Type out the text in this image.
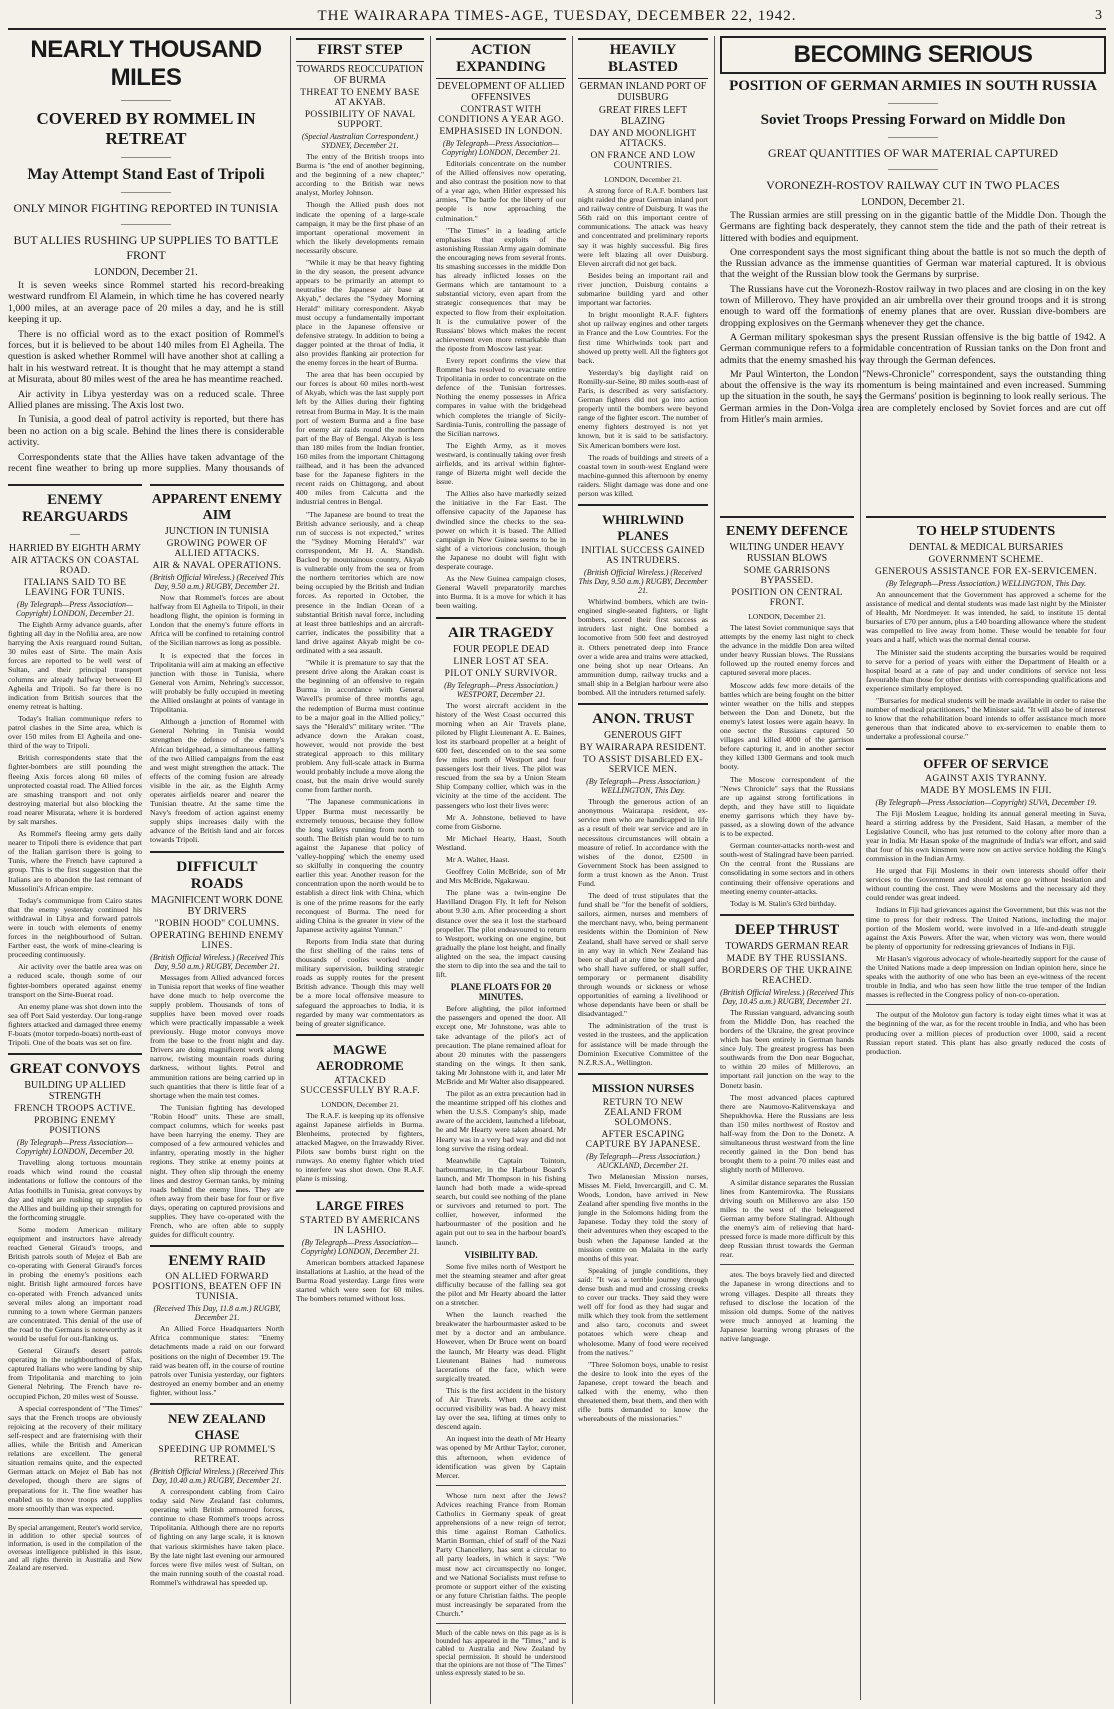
THE WAIRARAPA TIMES-AGE, TUESDAY, DECEMBER 22, 1942.	3
NEARLY THOUSAND MILES
—————
COVERED BY ROMMEL IN RETREAT
—————
May Attempt Stand East of Tripoli
—————
ONLY MINOR FIGHTING REPORTED IN TUNISIA
—————
BUT ALLIES RUSHING UP SUPPLIES TO BATTLE FRONT
LONDON, December 21.

It is seven weeks since Rommel started his record-breaking westward rundfrom El Alamein, in which time he has covered nearly 1,000 miles, at an average pace of 20 miles a day, and he is still keeping it up.

There is no official word as to the exact position of Rommel's forces, but it is believed to be about 140 miles from El Agheila. The question is asked whether Rommel will have another shot at calling a halt in his westward retreat. It is thought that he may attempt a stand at Misurata, about 80 miles west of the area he has meantime reached.

Air activity in Libya yesterday was on a reduced scale. Three Allied planes are missing. The Axis lost two.

In Tunisia, a good deal of patrol activity is reported, but there has been no action on a big scale. Behind the lines there is considerable activity.

Correspondents state that the Allies have taken advantage of the recent fine weather to bring up more supplies. Many thousands of

ENEMY REARGUARDS
—
HARRIED BY EIGHTH ARMY
AIR ATTACKS ON COASTAL ROAD.
ITALIANS SAID TO BE LEAVING FOR TUNIS.
(By Telegraph—Press Association—Copyright) LONDON, December 21.

The Eighth Army advance guards, after fighting all day in the Nofilia area, are now harrying the Axis rearguard round Sultan, 30 miles east of Sirte. The main Axis forces are reported to be well west of Sultan, and their principal transport columns are already halfway between El Agheila and Tripoli. So far there is no indication from British sources that the enemy retreat is halting.

Today's Italian communique refers to patrol clashes in the Sirte area, which is over 150 miles from El Agheila and one-third of the way to Tripoli.

British correspondents state that the fighter-bombers are still pounding the fleeing Axis forces along 60 miles of unprotected coastal road. The Allied forces are smashing transport and not only destroying material but also blocking the road nearer Misurata, where it is bordered by salt marshes.

As Rommel's fleeing army gets daily nearer to Tripoli there is evidence that part of the Italian garrison there is going to Tunis, where the French have captured a group. This is the first suggestion that the Italians are to abandon the last remnant of Mussolini's African empire.

Today's communique from Cairo states that the enemy yesterday continued his withdrawal in Libya and forward patrols were in touch with elements of enemy forces in the neighbourhood of Sultan. Farther east, the work of mine-clearing is proceeding continuously.

Air activity over the battle area was on a reduced scale, though some of our fighter-bombers operated against enemy transport on the Sirte-Buerat road.

An enemy plane was shot down into the sea off Port Said yesterday. Our long-range fighters attacked and damaged three enemy F-boats (motor torpedo-boats) north-east of Tripoli. One of the boats was set on fire.

GREAT CONVOYS
BUILDING UP ALLIED STRENGTH
FRENCH TROOPS ACTIVE.
PROBING ENEMY POSITIONS
(By Telegraph—Press Association—Copyright) LONDON, December 20.

Travelling along tortuous mountain roads which wind round the coastal indentations or follow the contours of the Atlas foothills in Tunisia, great convoys by day and night are rushing up supplies to the Allies and building up their strength for the forthcoming struggle.

Some modern American military equipment and instructors have already reached General Giraud's troops, and British patrols south of Mejez el Bab are co-operating with General Giraud's forces in probing the enemy's positions each night. British light armoured forces have co-operated with French advanced units several miles along an important road running to a town where German panzers are concentrated. This denial of the use of the road to the Germans is noteworthy as it would be useful for out-flanking us.

General Giraud's desert patrols operating in the neighbourhood of Sfax, captured Italians who were landing by ship from Tripolitania and marching to join General Nehring. The French have re-occupied Pichon, 20 miles west of Sousse.

A special correspondent of "The Times" says that the French troops are obviously rejoicing at the recovery of their military self-respect and are fraternising with their allies, while the British and American relations are excellent. The general situation remains quite, and the expected German attack on Mejez el Bab has not developed, though there are signs of preparations for it. The fine weather has enabled us to move troops and supplies more smoothly than was expected.

By special arrangement, Reuter's world service, in addition to other special sources of information, is used in the compilation of the overseas intelligence published in this issue, and all rights therein in Australia and New Zealand are reserved.
APPARENT ENEMY AIM
JUNCTION IN TUNISIA
GROWING POWER OF ALLIED ATTACKS.
AIR & NAVAL OPERATIONS.
(British Official Wireless.) (Received This Day, 9.50 a.m.) RUGBY, December 21.

Now that Rommel's forces are about halfway from El Agheila to Tripoli, in their headlong flight, the opinion is forming in London that the enemy's future efforts in Africa will be confined to retaining control of the Sicilian narrows as long as possible.

It is expected that the forces in Tripolitania will aim at making an effective junction with those in Tunisia, where General von Arnim, Nehring's successor, will probably be fully occupied in meeting the Allied onslaught at points of vantage in Tripolitania.

Although a junction of Rommel with General Nehring in Tunisia would strengthen the defence of the enemy's African bridgehead, a simultaneous falling of the two Allied campaigns from the east and west might strengthen the attack. The effects of the coming fusion are already visible in the air, as the Eighth Army operates airfields nearer and nearer the Tunisian theatre. At the same time the Navy's freedom of action against enemy supply ships increases daily with the advance of the British land and air forces towards Tripoli.

DIFFICULT ROADS
MAGNIFICENT WORK DONE BY DRIVERS
"ROBIN HOOD" COLUMNS.
OPERATING BEHIND ENEMY LINES.
(British Official Wireless.) (Received This Day, 9.50 a.m.) RUGBY, December 21.

Messages from Allied advanced forces in Tunisia report that weeks of fine weather have done much to help overcome the supply problem. Thousands of tons of supplies have been moved over roads which were practically impassable a week previously. Huge motor convoys move from the base to the front night and day. Drivers are doing magnificent work along narrow, twisting mountain roads during darkness, without lights. Petrol and ammunition rations are being carried up in such quantities that there is little fear of a shortage when the main test comes.

The Tunisian fighting has developed "Robin Hood" units. These are small, compact columns, which for weeks past have been harrying the enemy. They are composed of a few armoured vehicles and infantry, operating mostly in the higher regions. They strike at enemy points at night. They often slip through the enemy lines and destroy German tanks, by mining roads behind the enemy lines. They are often away from their base for four or five days, operating on captured provisions and supplies. They have co-operated with the French, who are often able to supply guides for difficult country.

ENEMY RAID
ON ALLIED FORWARD POSITIONS, BEATEN OFF IN TUNISIA.
(Received This Day, 11.8 a.m.) RUGBY, December 21.

An Allied Force Headquarters North Africa communique states: "Enemy detachments made a raid on our forward positions on the night of December 19. The raid was beaten off, in the course of routine patrols over Tunisia yesterday, our fighters destroyed an enemy bomber and an enemy fighter, without loss."

NEW ZEALAND CHASE
SPEEDING UP ROMMEL'S RETREAT.
(British Official Wireless.) (Received This Day, 10.40 a.m.) RUGBY, December 21.

A correspondent cabling from Cairo today said New Zealand fast columns, operating with British armoured forces, continue to chase Rommel's troops across Tripolitania. Although there are no reports of fighting on any large scale, it is known that various skirmishes have taken place. By the late night last evening our armoured forces were five miles west of Sultan, on the main running south of the coastal road. Rommel's withdrawal has speeded up.

FIRST STEP
TOWARDS REOCCUPATION OF BURMA
THREAT TO ENEMY BASE AT AKYAB.
POSSIBILITY OF NAVAL SUPPORT.
(Special Australian Correspondent.) SYDNEY, December 21.

The entry of the British troops into Burma is "the end of another beginning, and the beginning of a new chapter," according to the British war news analyst, Morley Johnson.

Though the Allied push does not indicate the opening of a large-scale campaign, it may be the first phase of an important operational movement in which the likely developments remain necessarily obscure.

"While it may be that heavy fighting in the dry season, the present advance appears to be primarily an attempt to neutralise the Japanese air base at Akyab," declares the "Sydney Morning Herald" military correspondent. Akyab must occupy a fundamentally important place in the Japanese offensive or defensive strategy. In addition to being a dagger pointed at the throat of India, it also provides flanking air protection for the enemy forces in the heart of Burma.

The area that has been occupied by our forces is about 60 miles north-west of Akyab, which was the last supply port left by the Allies during their fighting retreat from Burma in May. It is the main port of western Burma and a fine base for enemy air raids round the northern part of the Bay of Bengal. Akyab is less than 180 miles from the Indian frontier, 160 miles from the important Chittagong railhead, and it has been the advanced base for the Japanese fighters in the recent raids on Chittagong, and about 400 miles from Calcutta and the industrial centres in Bengal.

"The Japanese are bound to treat the British advance seriously, and a cheap run of success is not expected," writes the "Sydney Morning Herald's" war correspondent, Mr H. A. Standish. Backed by mountainous country, Akyab is vulnerable only from the sea or from the northern territories which are now being occupied by the British and Indian forces. As reported in October, the presence in the Indian Ocean of a substantial British naval force, including at least three battleships and an aircraft-carrier, indicates the possibility that a land drive against Akyab might be co-ordinated with a sea assault.

"While it is premature to say that the present drive along the Arakan coast is the beginning of an offensive to regain Burma in accordance with General Wavell's promise of three months ago, the redemption of Burma must continue to be a major goal in the Allied policy," says the "Herald's" military writer. "The advance down the Arakan coast, however, would not provide the best strategical approach to this military problem. Any full-scale attack in Burma would probably include a move along the coast, but the main drive would surely come from farther north.

"The Japanese communications in Upper Burma must necessarily be extremely tenuous, because they follow the long valleys running from north to south. The British plan would be to turn against the Japanese that policy of 'valley-hopping' which the enemy used so skilfully in conquering the country earlier this year. Another reason for the concentration upon the north would be to establish a direct link with China, which is one of the prime reasons for the early reconquest of Burma. The need for aiding China is the greater in view of the Japanese activity against Yunnan."

Reports from India state that during the first shelling of the rains tens of thousands of coolies worked under military supervision, building strategic roads as supply routes for the present British advance. Though this may well be a more local offensive measure to safeguard the approaches to India, it is regarded by many war commentators as being of greater significance.

MAGWE AERODROME
ATTACKED SUCCESSFULLY BY R.A.F.
LONDON, December 21.

The R.A.F. is keeping up its offensive against Japanese airfields in Burma. Blenheims, protected by fighters, attacked Magwe, on the Irrawaddy River. Pilots saw bombs burst right on the runways. An enemy fighter which tried to interfere was shot down. One R.A.F. plane is missing.

LARGE FIRES
STARTED BY AMERICANS IN LASHIO.
(By Telegraph—Press Association—Copyright) LONDON, December 21.

American bombers attacked Japanese installations at Lashio, at the head of the Burma Road yesterday. Large fires were started which were seen for 60 miles. The bombers returned without loss.

ACTION EXPANDING
DEVELOPMENT OF ALLIED OFFENSIVES
CONTRAST WITH CONDITIONS A YEAR AGO.
EMPHASISED IN LONDON.
(By Telegraph—Press Association—Copyright) LONDON, December 21.

Editorials concentrate on the number of the Allied offensives now operating, and also contrast the position now to that of a year ago, when Hitler expressed his armies, "The battle for the liberty of our people is now approaching the culmination."

"The Times" in a leading article emphasises that exploits of the astonishing Russian Army again dominate the encouraging news from several fronts. Its smashing successes in the middle Don has already inflicted losses on the Germans which are tantamount to a substantial victory, even apart from the strategic consequences that may be expected to flow from their exploitation. It is the cumulative power of the Russians' blows which makes the recent achievement even more remarkable than the riposte from Moscow last year.

Every report confirms the view that Rommel has resolved to evacuate entire Tripolitania in order to concentrate on the defence of the Tunisian fortresses. Nothing the enemy possesses in Africa compares in value with the bridgehead which completes the triangle of Sicily-Sardinia-Tunis, controlling the passage of the Sicilian narrows.

The Eighth Army, as it moves westward, is continually taking over fresh airfields, and its arrival within fighter-range of Bizerta might well decide the issue.

The Allies also have markedly seized the initiative in the Far East. The offensive capacity of the Japanese has dwindled since the checks to the sea-power on which it is based. The Allied campaign in New Guinea seems to be in sight of a victorious conclusion, though the Japanese no doubt will fight with desperate courage.

As the New Guinea campaign closes, General Wavell preparatorily marches into Burma. It is a move for which it has been waiting.

AIR TRAGEDY
FOUR PEOPLE DEAD
LINER LOST AT SEA.
PILOT ONLY SURVIVOR.
(By Telegraph—Press Association.) WESTPORT, December 21.

The worst aircraft accident in the history of the West Coast occurred this morning when an Air Travels plane, piloted by Flight Lieutenant A. E. Baines, lost its starboard propeller at a height of 600 feet, descended on to the sea some few miles north of Westport and four passengers lost their lives. The pilot was rescued from the sea by a Union Steam Ship Company collier, which was in the vicinity at the time of the accident. The passengers who lost their lives were:

Mr A. Johnstone, believed to have come from Gisborne.

Mr Michael Hearty, Haast, South Westland.

Mr A. Walter, Haast.

Geoffrey Colin McBride, son of Mr and Mrs McBride, Ngakawau.

The plane was a twin-engine De Havilland Dragon Fly. It left for Nelson about 9.30 a.m. After proceeding a short distance over the sea it lost the starboard propeller. The pilot endeavoured to return to Westport, working on one engine, but gradually the plane lost height, and finally alighted on the sea, the impact causing the stern to dip into the sea and the tail to lift.

PLANE FLOATS FOR 20 MINUTES.

Before alighting, the pilot informed the passengers and opened the door. All except one, Mr Johnstone, was able to take advantage of the pilot's act of precaution. The plane remained afloat for about 20 minutes with the passengers standing on the wings. It then sank, taking Mr Johnstone with it, and later Mr McBride and Mr Walter also disappeared.

The pilot as an extra precaution had in the meantime stripped off his clothes and when the U.S.S. Company's ship, made aware of the accident, launched a lifeboat, he and Mr Hearty were taken aboard. Mr Hearty was in a very bad way and did not long survive the rising ordeal.

Meanwhile Captain Tointon, harbourmaster, in the Harbour Board's launch, and Mr Thompson in his fishing launch had both made a wide-spread search, but could see nothing of the plane or survivors and returned to port. The collier, however, informed the harbourmaster of the position and he again put out to sea in the harbour board's launch.

VISIBILITY BAD.

Some five miles north of Westport he met the steaming steamer and after great difficulty because of the falling sea got the pilot and Mr Hearty aboard the latter on a stretcher.

When the launch reached the breakwater the harbourmaster asked to be met by a doctor and an ambulance. However, when Dr Bruce went on board the launch, Mr Hearty was dead. Flight Lieutenant Baines had numerous lacerations of the face, which were surgically treated.

This is the first accident in the history of Air Travels. When the accident occurred visibility was bad. A heavy mist lay over the sea, lifting at times only to descend again.

An inquest into the death of Mr Hearty was opened by Mr Arthur Taylor, coroner, this afternoon, when evidence of identification was given by Captain Mercer.

Whose turn next after the Jews? Advices reaching France from Roman Catholics in Germany speak of great apprehensions of a new reign of terror, this time against Roman Catholics. Martin Borman, chief of staff of the Nazi Party Chancellery, has sent a circular to all party leaders, in which it says: "We must now act circumspectly no longer, and we National Socialists must refuse to promote or support either of the existing or any future Christian faiths. The people must increasingly be separated from the Church."

Much of the cable news on this page as is is bounded has appeared in the "Times," and is cabled to Australia and New Zealand by special permission. It should be understood that the opinions are not those of "The Times" unless expressly stated to be so.
HEAVILY BLASTED
GERMAN INLAND PORT OF DUISBURG
GREAT FIRES LEFT BLAZING
DAY AND MOONLIGHT ATTACKS.
ON FRANCE AND LOW COUNTRIES.
LONDON, December 21.

A strong force of R.A.F. bombers last night raided the great German inland port and railway centre of Duisburg. It was the 56th raid on this important centre of communications. The attack was heavy and concentrated and preliminary reports say it was highly successful. Big fires were left blazing all over Duisburg. Eleven aircraft did not get back.

Besides being an important rail and river junction, Duisburg contains a submarine building yard and other important war factories.

In bright moonlight R.A.F. fighters shot up railway engines and other targets in France and the Low Countries. For the first time Whirlwinds took part and showed up pretty well. All the fighters got back.

Yesterday's big daylight raid on Romilly-sur-Seine, 80 miles south-east of Paris, is described as very satisfactory. German fighters did not go into action properly until the bombers were beyond range of the fighter escort. The number of enemy fighters destroyed is not yet known, but it is said to be satisfactory. Six American bombers were lost.

The roads of buildings and streets of a coastal town in south-west England were machine-gunned this afternoon by enemy raiders. Slight damage was done and one person was killed.

WHIRLWIND PLANES
INITIAL SUCCESS GAINED AS INTRUDERS.
(British Official Wireless.) (Received This Day, 9.50 a.m.) RUGBY, December 21.

Whirlwind bombers, which are twin-engined single-seated fighters, or light bombers, scored their first success as intruders last night. One bombed a locomotive from 500 feet and destroyed it. Others penetrated deep into France over a wide area and trains were attacked, one being shot up near Orleans. An ammunition dump, railway trucks and a small ship in a Belgian harbour were also bombed. All the intruders returned safely.

ANON. TRUST
GENEROUS GIFT
BY WAIRARAPA RESIDENT.
TO ASSIST DISABLED EX-SERVICE MEN.
(By Telegraph—Press Association.) WELLINGTON, This Day.

Through the generous action of an anonymous Wairarapa resident, ex-service men who are handicapped in life as a result of their war service and are in necessitous circumstances will obtain a measure of relief. In accordance with the wishes of the donor, £2500 in Government Stock has been assigned to form a trust known as the Anon. Trust Fund.

The deed of trust stipulates that the fund shall be "for the benefit of soldiers, sailors, airmen, nurses and members of the merchant navy, who, being permanent residents within the Dominion of New Zealand, shall have served or shall serve in any way in which New Zealand has been or shall at any time be engaged and who shall have suffered, or shall suffer, temporary or permanent disability through wounds or sickness or whose opportunities of earning a livelihood or whose dependants have been or shall be disadvantaged."

The administration of the trust is vested in the trustees, and the application for assistance will be made through the Dominion Executive Committee of the N.Z.R.S.A., Wellington.

MISSION NURSES
RETURN TO NEW ZEALAND FROM SOLOMONS.
AFTER ESCAPING CAPTURE BY JAPANESE.
(By Telegraph—Press Association.) AUCKLAND, December 21.

Two Melanesian Mission nurses, Misses M. Field, Invercargill, and C. M. Woods, London, have arrived in New Zealand after spending five months in the jungle in the Solomons hiding from the Japanese. Today they told the story of their adventures when they escaped to the bush when the Japanese landed at the mission centre on Malaita in the early months of this year.

Speaking of jungle conditions, they said: "It was a terrible journey through dense bush and mud and crossing creeks to cover our tracks. They said they were well off for food as they had sugar and milk which they took from the settlement and also taro, coconuts and sweet potatoes which were cheap and wholesome. Many of food were received from the natives."

"Three Solomon boys, unable to resist the desire to look into the eyes of the Japanese, crept toward the beach and talked with the enemy, who then threatened them, beat them, and then with rifle butts demanded to know the whereabouts of the missionaries."

BECOMING SERIOUS
POSITION OF GERMAN ARMIES IN SOUTH RUSSIA
—————
Soviet Troops Pressing Forward on Middle Don
—————
GREAT QUANTITIES OF WAR MATERIAL CAPTURED
—————
VORONEZH-ROSTOV RAILWAY CUT IN TWO PLACES
LONDON, December 21.

The Russian armies are still pressing on in the gigantic battle of the Middle Don. Though the Germans are fighting back desperately, they cannot stem the tide and the path of their retreat is littered with bodies and equipment.

One correspondent says the most significant thing about the battle is not so much the depth of the Russian advance as the immense quantities of German war material captured. It is obvious that the weight of the Russian blow took the Germans by surprise.

The Russians have cut the Voronezh-Rostov railway in two places and are closing in on the key town of Millerovo. They have provided an air umbrella over their ground troops and it is strong enough to ward off the formations of enemy planes that are over. Russian dive-bombers are dropping explosives on the Germans whenever they get the chance.

A German military spokesman says the present Russian offensive is the big battle of 1942. A German communique refers to a formidable concentration of Russian tanks on the Don front and admits that the enemy smashed his way through the German defences.

Mr Paul Winterton, the London "News-Chronicle" correspondent, says the outstanding thing about the offensive is the way its momentum is being maintained and even increased. Summing up the situation in the south, he says the Germans' position is beginning to look really serious. The German armies in the Don-Volga area are completely enclosed by Soviet forces and are cut off from Hitler's main armies.

ENEMY DEFENCE
WILTING UNDER HEAVY RUSSIAN BLOWS
SOME GARRISONS BYPASSED.
POSITION ON CENTRAL FRONT.
LONDON, December 21.

The latest Soviet communique says that attempts by the enemy last night to check the advance in the middle Don area wilted under heavy Russian blows. The Russians followed up the routed enemy forces and captured several more places.

Moscow adds few more details of the battles which are being fought on the bitter winter weather on the hills and steppes between the Don and Donetz, but the enemy's latest losses were again heavy. In one sector the Russians captured 50 villages and killed 4000 of the garrison before capturing it, and in another sector they killed 1300 Germans and took much booty.

The Moscow correspondent of the "News Chronicle" says that the Russians are up against strong fortifications in depth, and they have still to liquidate enemy garrisons which they have by-passed, as a slowing down of the advance is to be expected.

German counter-attacks north-west and south-west of Stalingrad have been parried. On the central front the Russians are consolidating in some sectors and in others continuing their offensive operations and meeting enemy counter-attacks.

Today is M. Stalin's 63rd birthday.

DEEP THRUST
TOWARDS GERMAN REAR
MADE BY THE RUSSIANS.
BORDERS OF THE UKRAINE REACHED.
(British Official Wireless.) (Received This Day, 10.45 a.m.) RUGBY, December 21.

The Russian vanguard, advancing south from the Middle Don, has reached the borders of the Ukraine, the great province which has been entirely in German hands since July. The greatest progress has been southwards from the Don near Boguchar, to within 20 miles of Millerovo, an important rail junction on the way to the Donetz basin.

The most advanced places captured there are Naumovo-Kalitvenskaya and Shepukhovka. Here the Russians are less than 150 miles northwest of Rostov and half-way from the Don to the Donetz. A simultaneous thrust westward from the line recently gained in the Don bend has brought them to a point 70 miles east and slightly north of Millerovo.

A similar distance separates the Russian lines from Kantemirovka. The Russians driving south on Millerovo are also 150 miles to the west of the beleaguered German army before Stalingrad. Although the enemy's aim of relieving that hard-pressed force is made more difficult by this deep Russian thrust towards the German rear.

ates. The boys bravely lied and directed the Japanese in wrong directions and to wrong villages. Despite all threats they refused to disclose the location of the mission old dumps. Some of the natives were much annoyed at learning the Japanese learning wrong phrases of the native language.

TO HELP STUDENTS
DENTAL & MEDICAL BURSARIES
GOVERNMENT SCHEME.
GENEROUS ASSISTANCE FOR EX-SERVICEMEN.
(By Telegraph—Press Association.) WELLINGTON, This Day.

An announcement that the Government has approved a scheme for the assistance of medical and dental students was made last night by the Minister of Health, Mr Nordmeyer. It was intended, he said, to institute 15 dental bursaries of £70 per annum, plus a £40 boarding allowance where the student was compelled to live away from home. These would be tenable for four years and a half, which was the normal dental course.

The Minister said the students accepting the bursaries would be required to serve for a period of years with either the Department of Health or a hospital board at a rate of pay and under conditions of service not less favourable than those for other dentists with corresponding qualifications and experience similarly employed.

"Bursaries for medical students will be made available in order to raise the number of medical practitioners," the Minister said. "It will also be of interest to know that the rehabilitation board intends to offer assistance much more generous than that indicated above to ex-servicemen to enable them to undertake a professional course."

OFFER OF SERVICE
AGAINST AXIS TYRANNY.
MADE BY MOSLEMS IN FIJI.
(By Telegraph—Press Association—Copyright) SUVA, December 19.

The Fiji Moslem League, holding its annual general meeting in Suva, heard a stirring address by the President, Said Hasan, a member of the Legislative Council, who has just returned to the colony after more than a year in India. Mr Hasan spoke of the magnitude of India's war effort, and said that four of his own kinsmen were now on active service holding the King's commission in the Indian Army.

He urged that Fiji Moslems in their own interests should offer their services to the Government and should at once go without hesitation and without counting the cost. They were Moslems and the necessary aid they could render was great indeed.

Indians in Fiji had grievances against the Government, but this was not the time to press for their redress. The United Nations, including the major portion of the Moslem world, were involved in a life-and-death struggle against the Axis Powers. After the war, when victory was won, there would be plenty of opportunity for redressing grievances of Indians in Fiji.

Mr Hasan's vigorous advocacy of whole-heartedly support for the cause of the United Nations made a deep impression on Indian opinion here, since he speaks with the authority of one who has been an eye-witness of the recent trouble in India, and who has seen how little the true temper of the Indian masses is reflected in the Congress policy of non-co-operation.

The output of the Molotov gun factory is today eight times what it was at the beginning of the war, as for the recent trouble in India, and who has been producing over a million pieces of production over 1000, said a recent Russian report stated. This plant has also greatly reduced the costs of production.
